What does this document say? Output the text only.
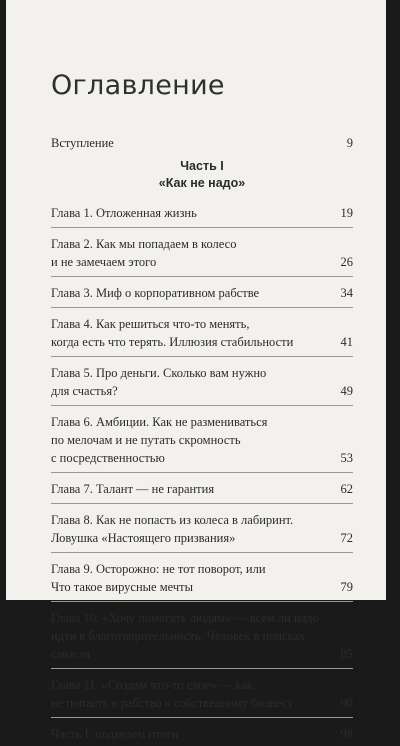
Оглавление
Вступление	9
Часть I
«Как не надо»
Глава 1. Отложенная жизнь	19
Глава 2. Как мы попадаем в колесо
и не замечаем этого	26
Глава 3. Миф о корпоративном рабстве	34
Глава 4. Как решиться что-то менять,
когда есть что терять. Иллюзия стабильности	41
Глава 5. Про деньги. Сколько вам нужно
для счастья?	49
Глава 6. Амбиции. Как не размениваться
по мелочам и не путать скромность
с посредственностью	53
Глава 7. Талант — не гарантия	62
Глава 8. Как не попасть из колеса в лабиринт.
Ловушка «Настоящего призвания»	72
Глава 9. Осторожно: не тот поворот, или
Что такое вирусные мечты	79
Глава 10. «Хочу помогать людям» — всем ли надо
идти в благотворительность. Человек в поисках
смысла	85
Глава 11. «Создам что-то свое» — как
не попасть в рабство к собственному бизнесу	90
Часть I: подведем итоги	98
